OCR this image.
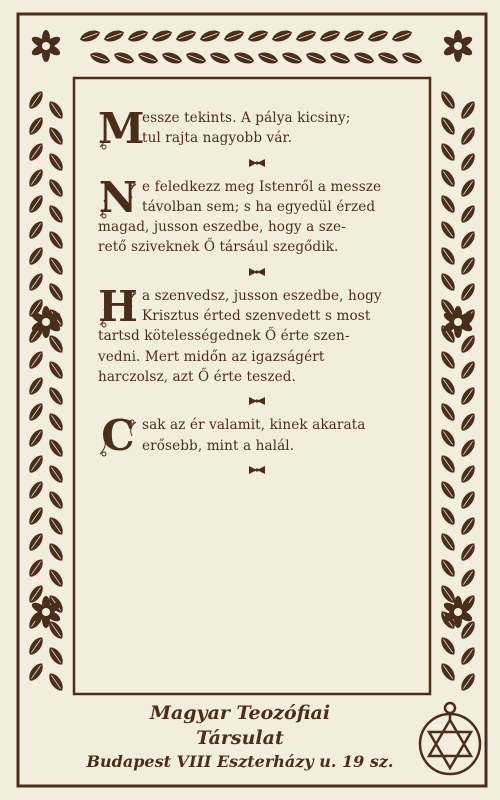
M
essze tekints. A pálya kicsiny;
tul rajta nagyobb vár.
N e feledkezz meg Istenről a messze
távolban sem; s ha egyedül érzed
magad, jusson eszedbe, hogy a sze-
rető sziveknek Ő társául szegődik.
H a szenvedsz, jusson eszedbe, hogy
Krisztus érted szenvedett s most
tartsd kötelességednek Ő érte szen-
vedni. Mert midőn az igazságért
harczolsz, azt Ő érte teszed.
C sak az ér valamit, kinek akarata
erősebb, mint a halál.
Magyar Teozófiai
Társulat
Budapest VIII Eszterházy u. 19 sz.
